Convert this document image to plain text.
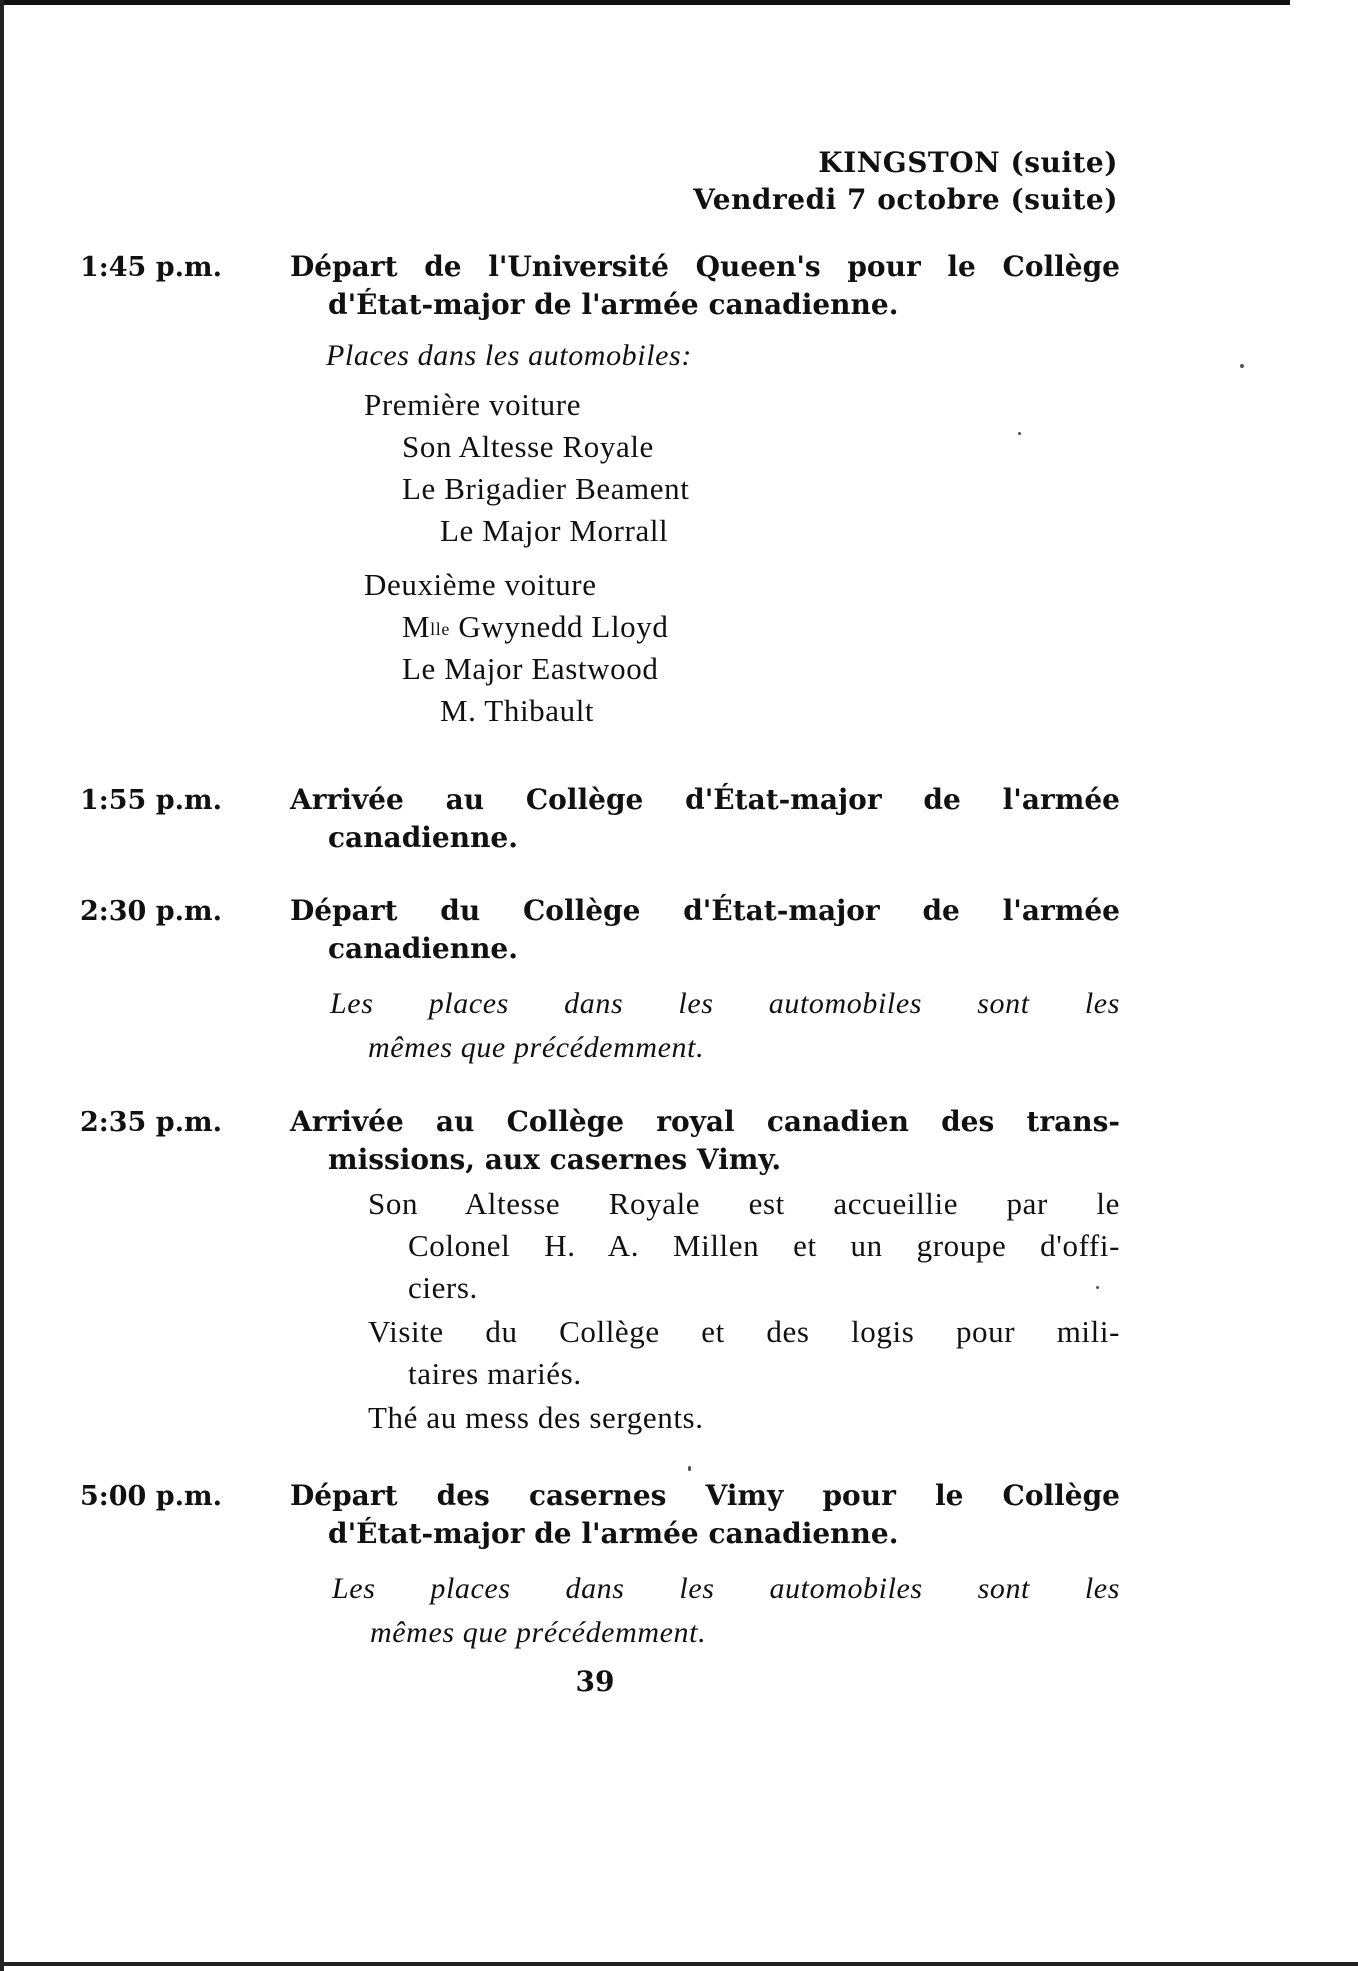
KINGSTON (suite)
Vendredi 7 octobre (suite)
1:45 p.m. Départ de l'Université Queen's pour le Collège
d'État-major de l'armée canadienne.
Places dans les automobiles:
Première voiture
Son Altesse Royale
Le Brigadier Beament
Le Major Morrall
Deuxième voiture
$M^{lle}$ Gwynedd Lloyd
Le Major Eastwood
M. Thibault
1:55 p.m. Arrivée au Collège d'État-major de l'armée
canadienne.
2:30 p.m. Départ du Collège d'État-major de l'armée
canadienne.
Les places dans les automobiles sont les
mêmes que précédemment.
2:35 p.m. Arrivée au Collège royal canadien des trans-
missions, aux casernes Vimy.
Son Altesse Royale est accueillie par le
Colonel H. A. Millen et un groupe d'offi-
ciers.
Visite du Collège et des logis pour mili-
taires mariés.
Thé au mess des sergents.
5:00 p.m. Départ des casernes Vimy pour le Collège
d'État-major de l'armée canadienne.
Les places dans les automobiles sont les
mêmes que précédemment.
39
